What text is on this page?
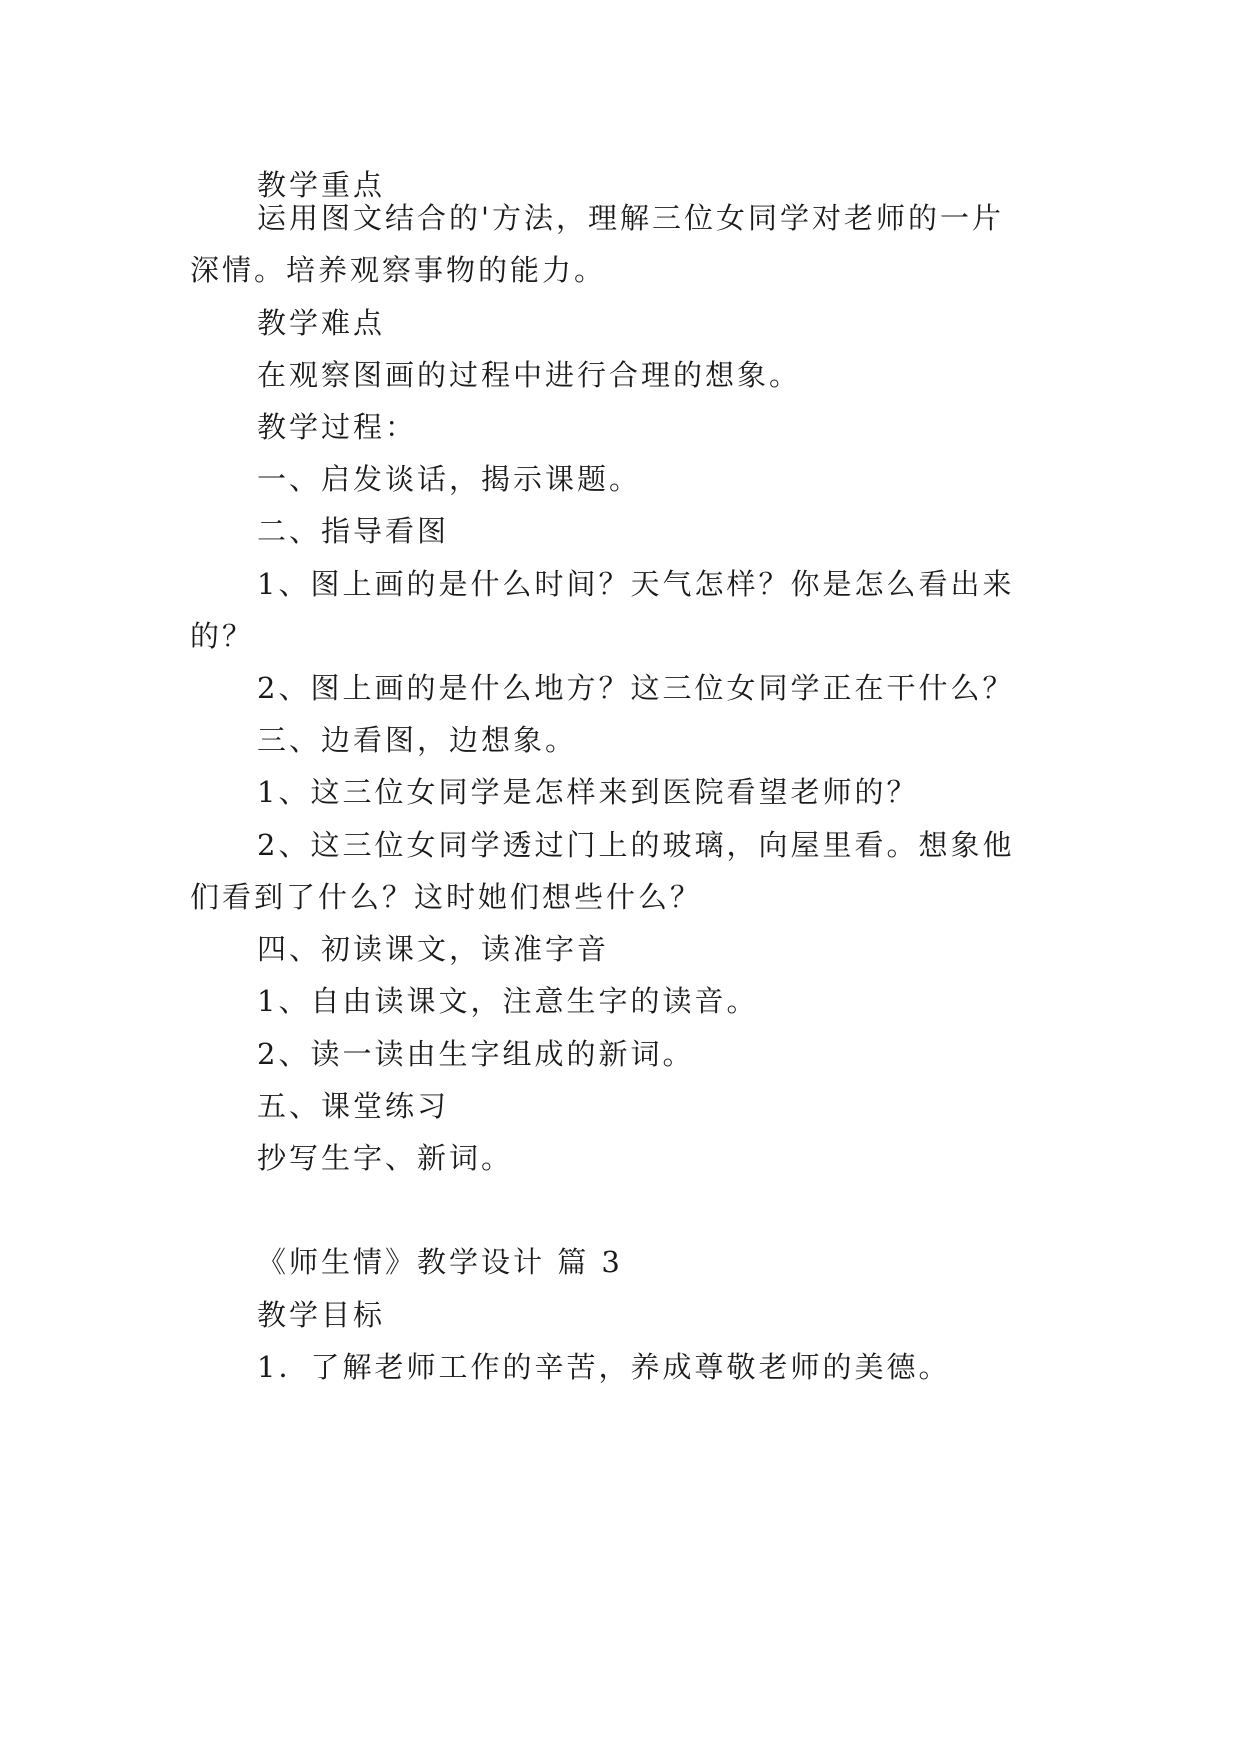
教学重点
运用图文结合的'方法，理解三位女同学对老师的一片
深情。培养观察事物的能力。
教学难点
在观察图画的过程中进行合理的想象。
教学过程：
一、启发谈话，揭示课题。
二、指导看图
1、图上画的是什么时间？天气怎样？你是怎么看出来
的？
2、图上画的是什么地方？这三位女同学正在干什么？
三、边看图，边想象。
1、这三位女同学是怎样来到医院看望老师的？
2、这三位女同学透过门上的玻璃，向屋里看。想象他
们看到了什么？这时她们想些什么？
四、初读课文，读准字音
1、自由读课文，注意生字的读音。
2、读一读由生字组成的新词。
五、课堂练习
抄写生字、新词。
《师生情》教学设计 篇 3
教学目标
1．了解老师工作的辛苦，养成尊敬老师的美德。
